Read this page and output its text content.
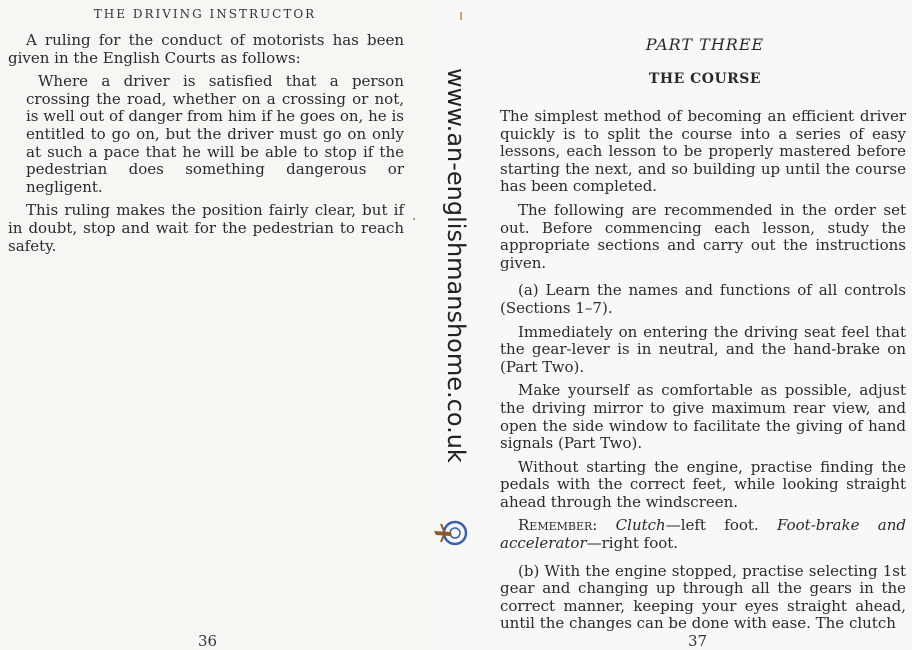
THE DRIVING INSTRUCTOR

A ruling for the conduct of motorists has been given in the English Courts as follows:

Where a driver is satisfied that a person crossing the road, whether on a crossing or not, is well out of danger from him if he goes on, he is entitled to go on, but the driver must go on only at such a pace that he will be able to stop if the pedestrian does something dangerous or negligent.

This ruling makes the position fairly clear, but if in doubt, stop and wait for the pedestrian to reach safety.

36
PART THREE
THE COURSE

The simplest method of becoming an efficient driver quickly is to split the course into a series of easy lessons, each lesson to be properly mastered before starting the next, and so building up until the course has been completed.

The following are recommended in the order set out. Before commencing each lesson, study the appropriate sections and carry out the instructions given.

(a) Learn the names and functions of all controls (Sections 1–7).

Immediately on entering the driving seat feel that the gear-lever is in neutral, and the hand-brake on (Part Two).

Make yourself as comfortable as possible, adjust the driving mirror to give maximum rear view, and open the side window to facilitate the giving of hand signals (Part Two).

Without starting the engine, practise finding the pedals with the correct feet, while looking straight ahead through the windscreen.

Remember: Clutch—left foot. Foot-brake and accelerator—right foot.

(b) With the engine stopped, practise selecting 1st gear and changing up through all the gears in the correct manner, keeping your eyes straight ahead, until the changes can be done with ease. The clutch

37
www.an-englishmanshome.co.uk
